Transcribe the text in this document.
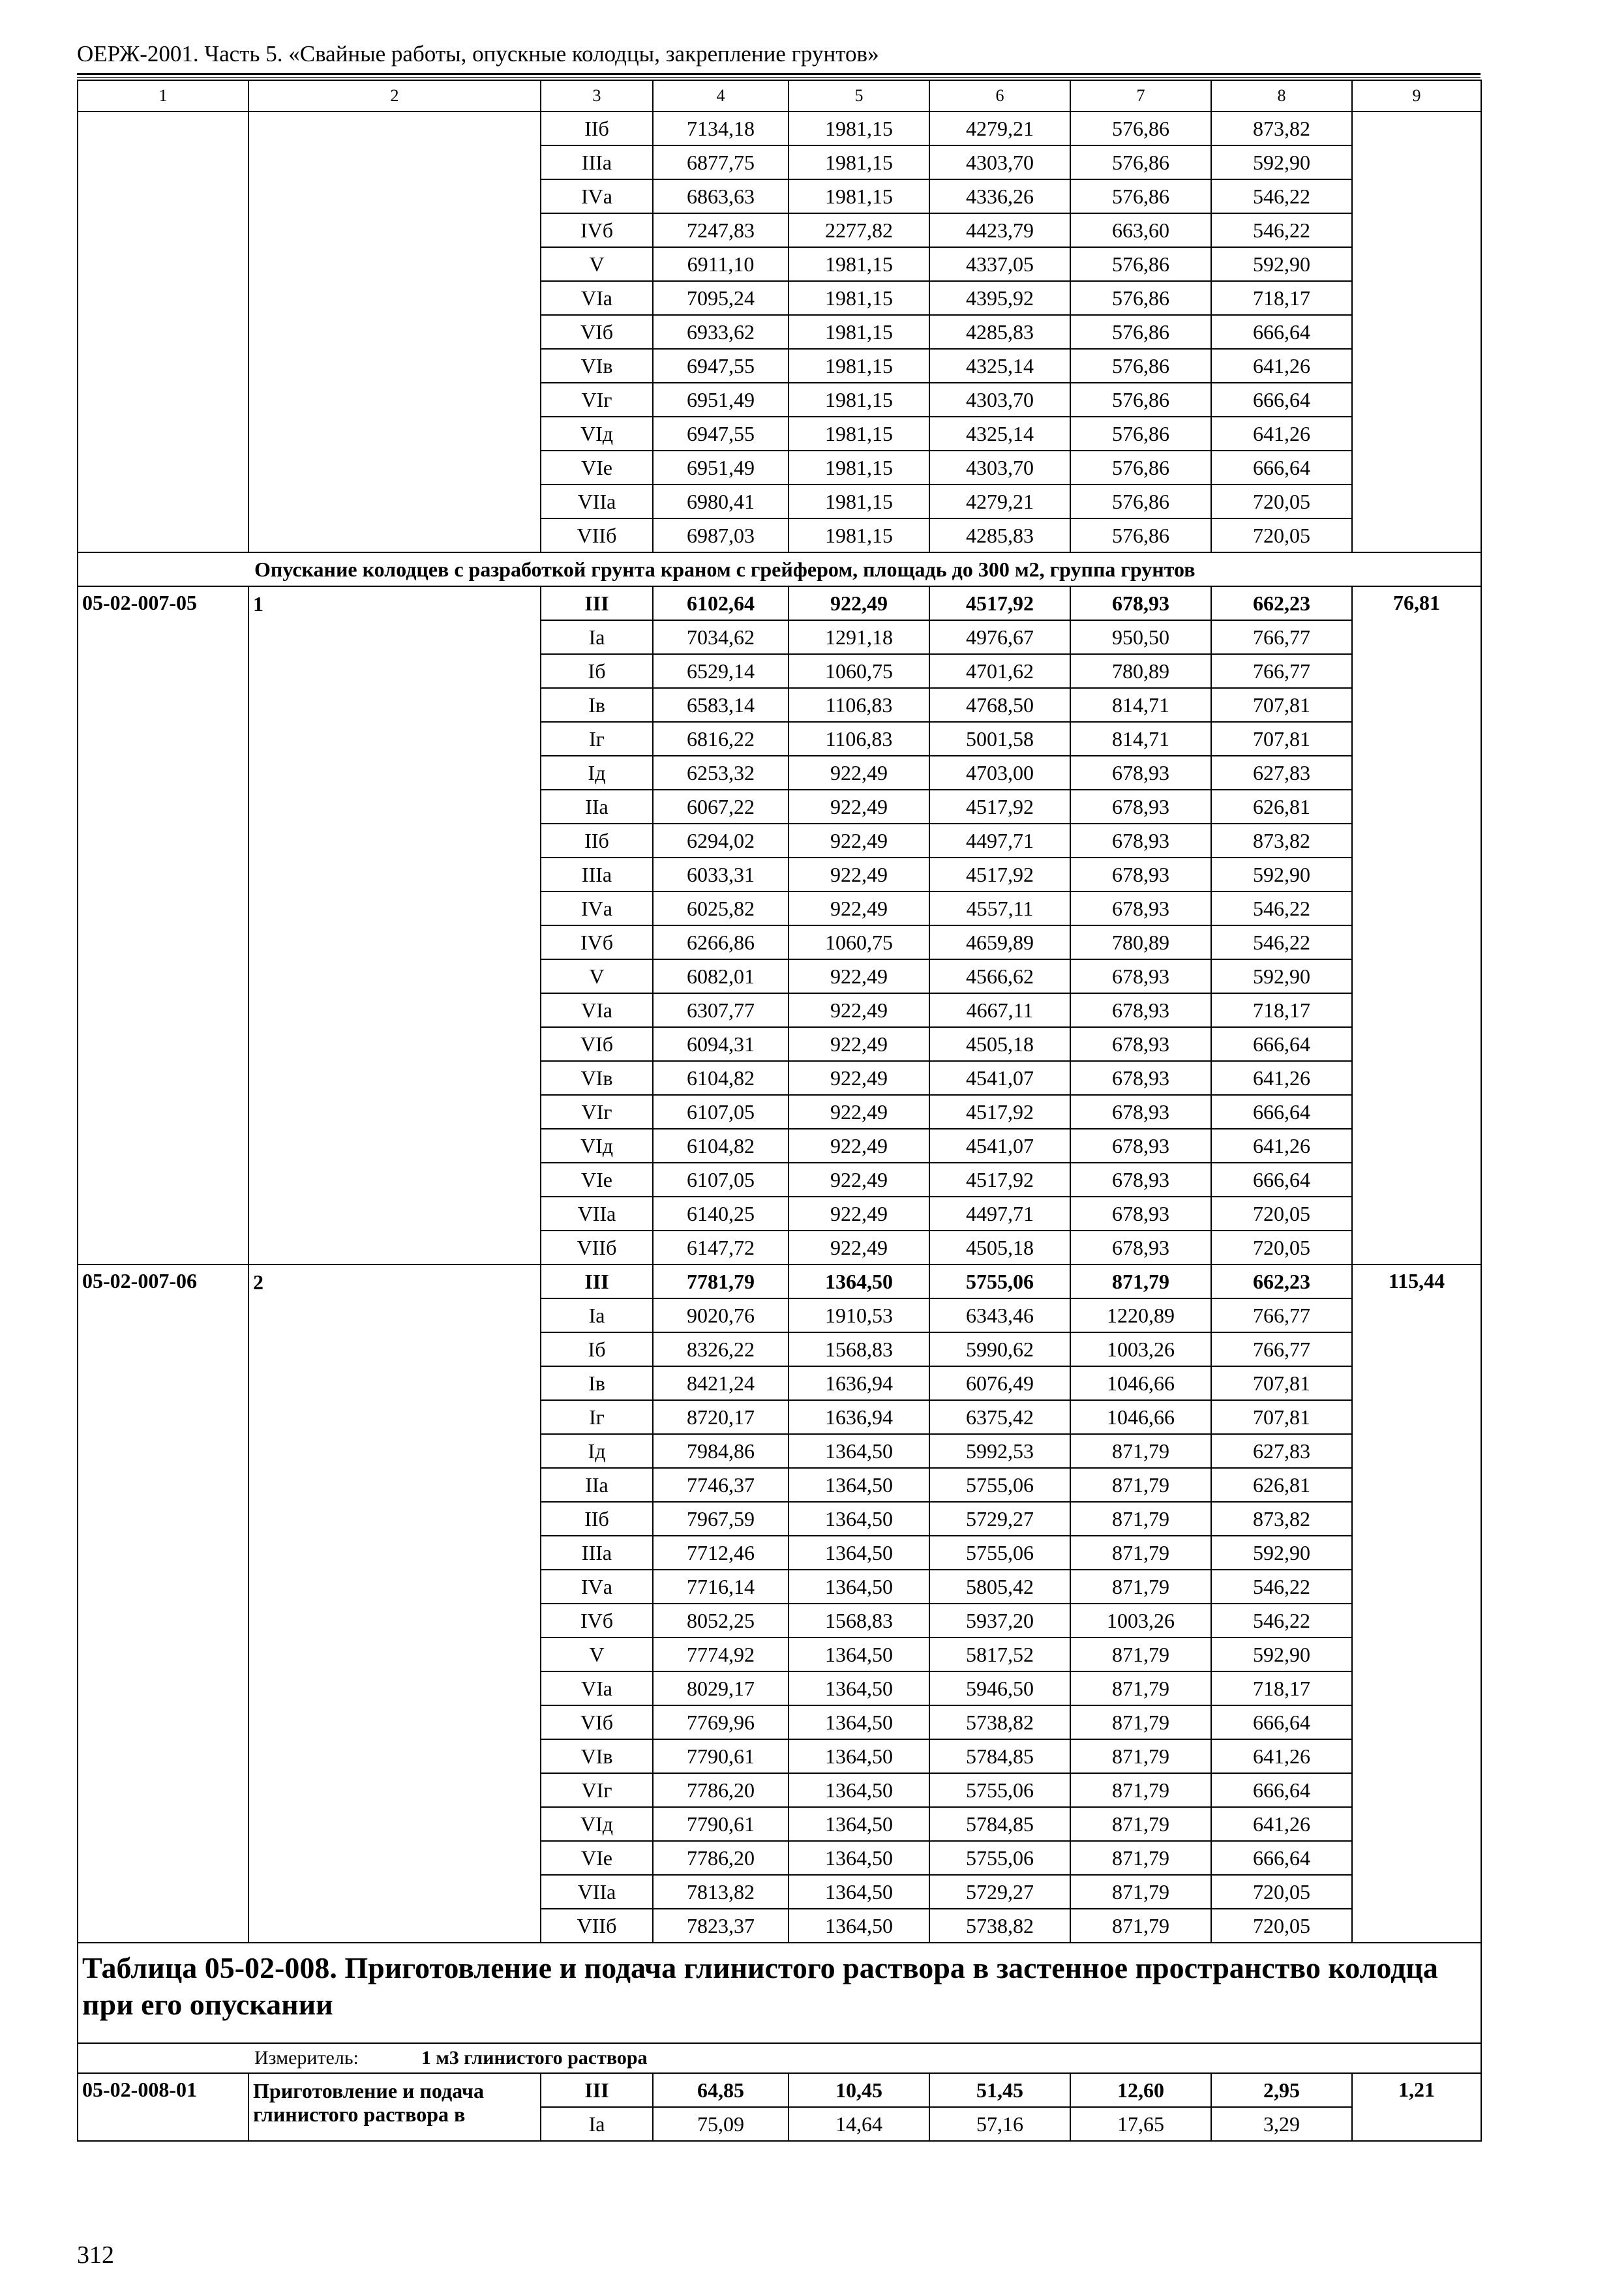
ОЕРЖ-2001. Часть 5. «Свайные работы, опускные колодцы, закрепление грунтов»
1	2	3	4	5	6	7	8	9
		IIб	7134,18	1981,15	4279,21	576,86	873,82	
		IIIа	6877,75	1981,15	4303,70	576,86	592,90	
		IVа	6863,63	1981,15	4336,26	576,86	546,22	
		IVб	7247,83	2277,82	4423,79	663,60	546,22	
		V	6911,10	1981,15	4337,05	576,86	592,90	
		VIа	7095,24	1981,15	4395,92	576,86	718,17	
		VIб	6933,62	1981,15	4285,83	576,86	666,64	
		VIв	6947,55	1981,15	4325,14	576,86	641,26	
		VIг	6951,49	1981,15	4303,70	576,86	666,64	
		VIд	6947,55	1981,15	4325,14	576,86	641,26	
		VIе	6951,49	1981,15	4303,70	576,86	666,64	
		VIIа	6980,41	1981,15	4279,21	576,86	720,05	
		VIIб	6987,03	1981,15	4285,83	576,86	720,05	
Опускание колодцев с разработкой грунта краном с грейфером, площадь до 300 м2, группа грунтов								
05-02-007-05	1	III	6102,64	922,49	4517,92	678,93	662,23	76,81
		Iа	7034,62	1291,18	4976,67	950,50	766,77	
		Iб	6529,14	1060,75	4701,62	780,89	766,77	
		Iв	6583,14	1106,83	4768,50	814,71	707,81	
		Iг	6816,22	1106,83	5001,58	814,71	707,81	
		Iд	6253,32	922,49	4703,00	678,93	627,83	
		IIа	6067,22	922,49	4517,92	678,93	626,81	
		IIб	6294,02	922,49	4497,71	678,93	873,82	
		IIIа	6033,31	922,49	4517,92	678,93	592,90	
		IVа	6025,82	922,49	4557,11	678,93	546,22	
		IVб	6266,86	1060,75	4659,89	780,89	546,22	
		V	6082,01	922,49	4566,62	678,93	592,90	
		VIа	6307,77	922,49	4667,11	678,93	718,17	
		VIб	6094,31	922,49	4505,18	678,93	666,64	
		VIв	6104,82	922,49	4541,07	678,93	641,26	
		VIг	6107,05	922,49	4517,92	678,93	666,64	
		VIд	6104,82	922,49	4541,07	678,93	641,26	
		VIе	6107,05	922,49	4517,92	678,93	666,64	
		VIIа	6140,25	922,49	4497,71	678,93	720,05	
		VIIб	6147,72	922,49	4505,18	678,93	720,05	
05-02-007-06	2	III	7781,79	1364,50	5755,06	871,79	662,23	115,44
		Iа	9020,76	1910,53	6343,46	1220,89	766,77	
		Iб	8326,22	1568,83	5990,62	1003,26	766,77	
		Iв	8421,24	1636,94	6076,49	1046,66	707,81	
		Iг	8720,17	1636,94	6375,42	1046,66	707,81	
		Iд	7984,86	1364,50	5992,53	871,79	627,83	
		IIа	7746,37	1364,50	5755,06	871,79	626,81	
		IIб	7967,59	1364,50	5729,27	871,79	873,82	
		IIIа	7712,46	1364,50	5755,06	871,79	592,90	
		IVа	7716,14	1364,50	5805,42	871,79	546,22	
		IVб	8052,25	1568,83	5937,20	1003,26	546,22	
		V	7774,92	1364,50	5817,52	871,79	592,90	
		VIа	8029,17	1364,50	5946,50	871,79	718,17	
		VIб	7769,96	1364,50	5738,82	871,79	666,64	
		VIв	7790,61	1364,50	5784,85	871,79	641,26	
		VIг	7786,20	1364,50	5755,06	871,79	666,64	
		VIд	7790,61	1364,50	5784,85	871,79	641,26	
		VIе	7786,20	1364,50	5755,06	871,79	666,64	
		VIIа	7813,82	1364,50	5729,27	871,79	720,05	
		VIIб	7823,37	1364,50	5738,82	871,79	720,05	
Таблица 05-02-008. Приготовление и подача глинистого раствора в застенное пространство колодца при его опускании								
Измеритель: 1 м3 глинистого раствора								
05-02-008-01	Приготовление и подача глинистого раствора в	III	64,85	10,45	51,45	12,60	2,95	1,21
		Iа	75,09	14,64	57,16	17,65	3,29	
312
